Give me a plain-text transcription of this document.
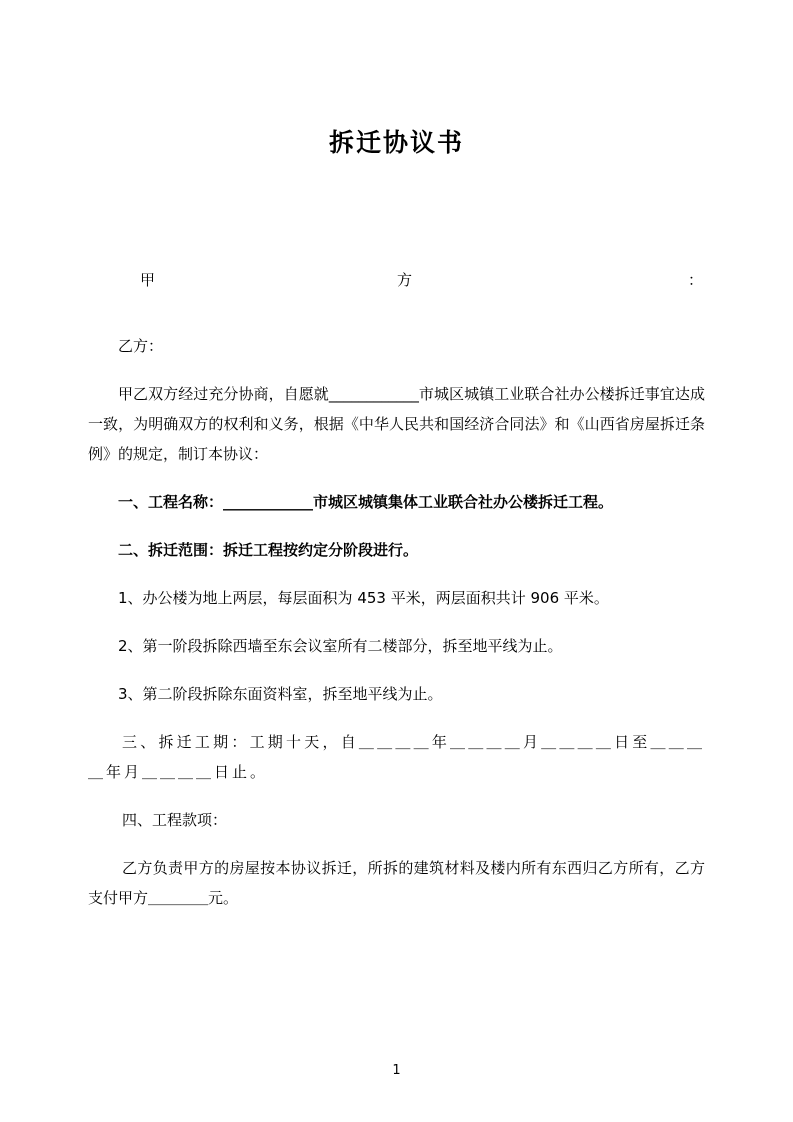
拆迁协议书
甲	方	：

乙方：

甲乙双方经过充分协商，自愿就____________市城区城镇工业联合社办公楼拆迁事宜达成一致，为明确双方的权利和义务，根据《中华人民共和国经济合同法》和《山西省房屋拆迁条例》的规定，制订本协议：

一、工程名称：____________市城区城镇集体工业联合社办公楼拆迁工程。

二、拆迁范围：拆迁工程按约定分阶段进行。

1、办公楼为地上两层，每层面积为 453 平米，两层面积共计 906 平米。

2、第一阶段拆除西墙至东会议室所有二楼部分，拆至地平线为止。

3、第二阶段拆除东面资料室，拆至地平线为止。

三、拆迁工期：工期十天，自＿＿＿＿年＿＿＿＿月＿＿＿＿日至＿＿＿＿年月＿＿＿＿日止。

四、工程款项：

乙方负责甲方的房屋按本协议拆迁，所拆的建筑材料及楼内所有东西归乙方所有，乙方支付甲方＿＿＿＿元。

1
